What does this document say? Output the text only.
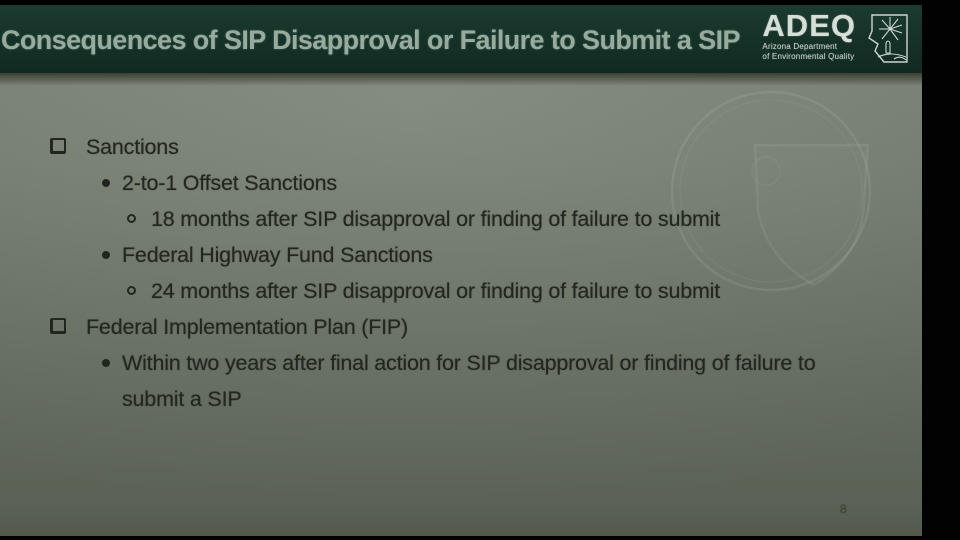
Consequences of SIP Disapproval or Failure to Submit a SIP ADEQ
Arizona Department
of Environmental Quality
Sanctions
2-to-1 Offset Sanctions
18 months after SIP disapproval or finding of failure to submit
Federal Highway Fund Sanctions
24 months after SIP disapproval or finding of failure to submit
Federal Implementation Plan (FIP)
Within two years after final action for SIP disapproval or finding of failure to submit a SIP
8
